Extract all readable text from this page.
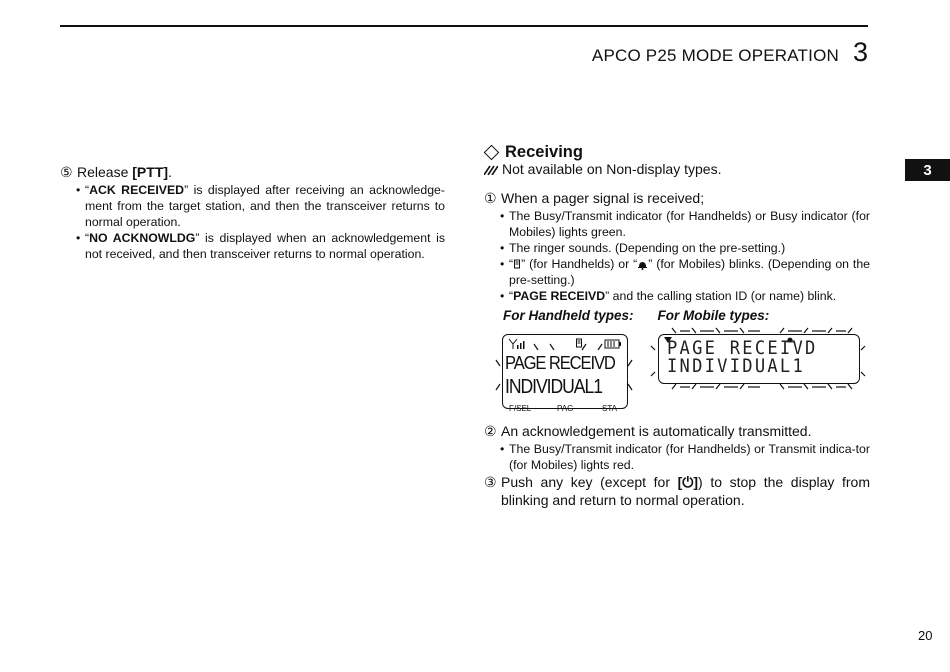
APCO P25 MODE OPERATION 3
3
⑤ Release [PTT].
• “ACK RECEIVED” is displayed after receiving an acknowledge-ment from the target station, and then the transceiver returns to normal operation.
• “NO ACKNOWLDG” is displayed when an acknowledgement is not received, and then transceiver returns to normal operation.
Receiving
Not available on Non-display types.
① When a pager signal is received;
• The Busy/Transmit indicator (for Handhelds) or Busy indicator (for Mobiles) lights green.
• The ringer sounds. (Depending on the pre-setting.)
• “ ” (for Handhelds) or “ ” (for Mobiles) blinks. (Depending on the pre-setting.)
• “PAGE RECEIVD” and the calling station ID (or name) blink.
For Handheld types: For Mobile types:
PAGE RECEIVD
INDIVIDUAL1
F/SEL	PAG	STA
PAGE RECEIVD
INDIVIDUAL1
② An acknowledgement is automatically transmitted.
• The Busy/Transmit indicator (for Handhelds) or Transmit indica-tor (for Mobiles) lights red.
③ Push any key (except for [⏻]) to stop the display from blinking and return to normal operation.
20
